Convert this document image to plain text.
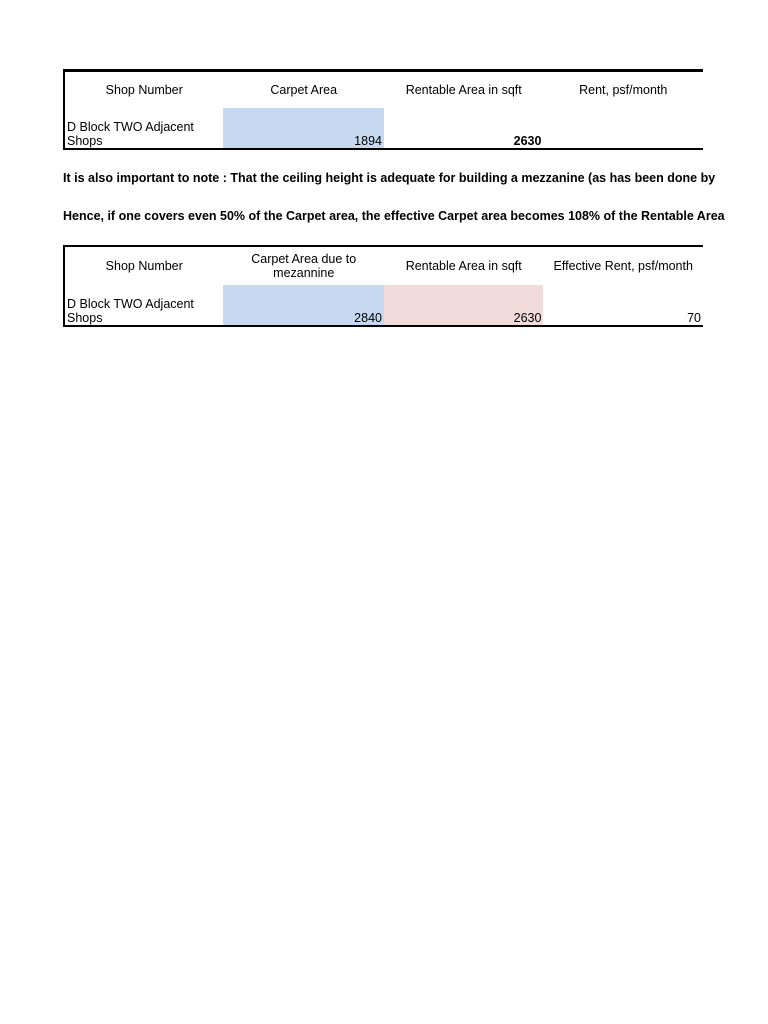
Shop Number	Carpet Area	Rentable Area in sqft	Rent, psf/month
D Block TWO Adjacent Shops	1894	2630	
It is also important to note : That the ceiling height is adequate for building a mezzanine (as has been done by
Hence, if one covers even 50% of the Carpet area, the effective Carpet area becomes 108% of the Rentable Area
Shop Number	Carpet Area due to mezannine	Rentable Area in sqft	Effective Rent, psf/month
D Block TWO Adjacent Shops	2840	2630	70
